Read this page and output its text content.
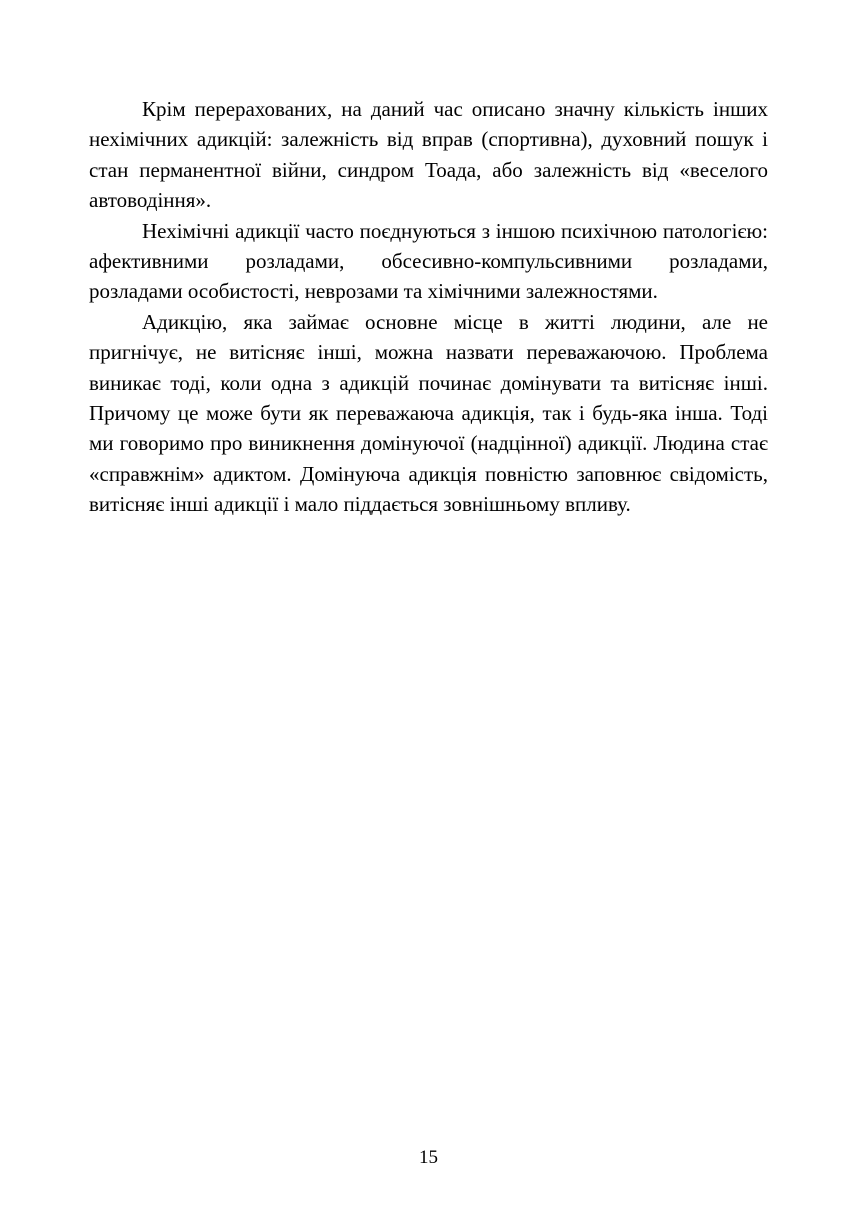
Крім перерахованих, на даний час описано значну кількість інших нехімічних адикцій: залежність від вправ (спортивна), духовний пошук і стан перманентної війни, синдром Тоада, або залежність від «веселого автоводіння».

Нехімічні адикції часто поєднуються з іншою психічною патологією: афективними розладами, обсесивно-компульсивними розладами, розладами особистості, неврозами та хімічними залежностями.

Адикцію, яка займає основне місце в житті людини, але не пригнічує, не витісняє інші, можна назвати переважаючою. Проблема виникає тоді, коли одна з адикцій починає домінувати та витісняє інші. Причому це може бути як переважаюча адикція, так і будь-яка інша. Тоді ми говоримо про виникнення домінуючої (надцінної) адикції. Людина стає «справжнім» адиктом. Домінуюча адикція повністю заповнює свідомість, витісняє інші адикції і мало піддається зовнішньому впливу.

15
